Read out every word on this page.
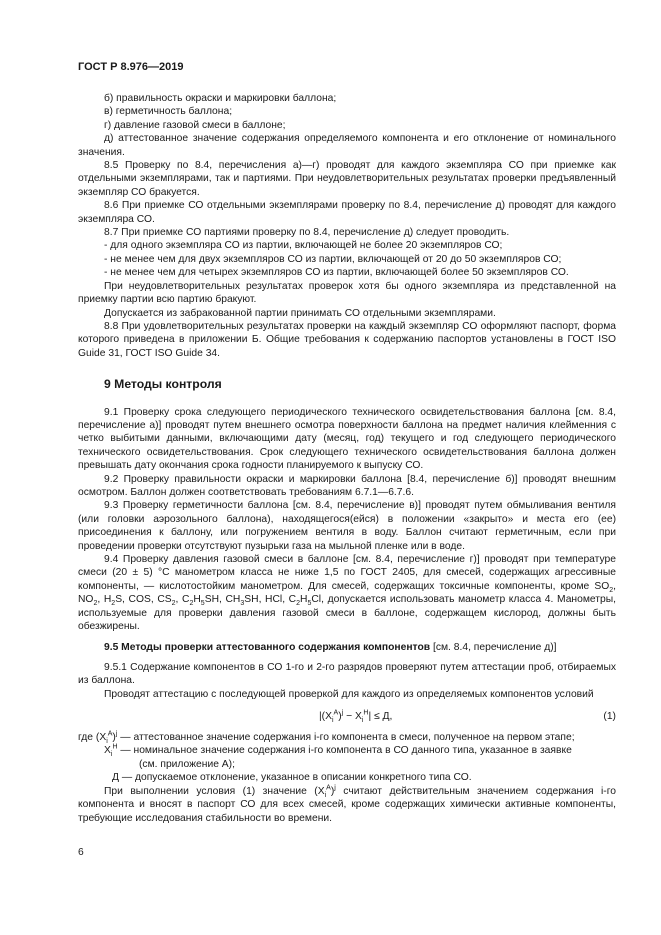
ГОСТ Р 8.976—2019

б) правильность окраски и маркировки баллона;

в) герметичность баллона;

г) давление газовой смеси в баллоне;

д) аттестованное значение содержания определяемого компонента и его отклонение от номинального значения.

8.5 Проверку по 8.4, перечисления а)—г) проводят для каждого экземпляра СО при приемке как отдельными экземплярами, так и партиями. При неудовлетворительных результатах проверки предъявленный экземпляр СО бракуется.

8.6 При приемке СО отдельными экземплярами проверку по 8.4, перечисление д) проводят для каждого экземпляра СО.

8.7 При приемке СО партиями проверку по 8.4, перечисление д) следует проводить.

- для одного экземпляра СО из партии, включающей не более 20 экземпляров СО;

- не менее чем для двух экземпляров СО из партии, включающей от 20 до 50 экземпляров СО;

- не менее чем для четырех экземпляров СО из партии, включающей более 50 экземпляров СО.

При неудовлетворительных результатах проверок хотя бы одного экземпляра из представленной на приемку партии всю партию бракуют.

Допускается из забракованной партии принимать СО отдельными экземплярами.

8.8 При удовлетворительных результатах проверки на каждый экземпляр СО оформляют паспорт, форма которого приведена в приложении Б. Общие требования к содержанию паспортов установлены в ГОСТ ISO Guide 31, ГОСТ ISO Guide 34.

9 Методы контроля

9.1 Проверку срока следующего периодического технического освидетельствования баллона [см. 8.4, перечисление а)] проводят путем внешнего осмотра поверхности баллона на предмет наличия клейменния с четко выбитыми данными, включающими дату (месяц, год) текущего и год следующего периодического технического освидетельствования. Срок следующего технического освидетельствования баллона должен превышать дату окончания срока годности планируемого к выпуску СО.

9.2 Проверку правильности окраски и маркировки баллона [8.4, перечисление б)] проводят внешним осмотром. Баллон должен соответствовать требованиям 6.7.1—6.7.6.

9.3 Проверку герметичности баллона [см. 8.4, перечисление в)] проводят путем обмыливания вентиля (или головки аэрозольного баллона), находящегося(ейся) в положении «закрыто» и места его (ее) присоединения к баллону, или погружением вентиля в воду. Баллон считают герметичным, если при проведении проверки отсутствуют пузырьки газа на мыльной пленке или в воде.

9.4 Проверку давления газовой смеси в баллоне [см. 8.4, перечисление г)] проводят при температуре смеси (20 ± 5) °С манометром класса не ниже 1,5 по ГОСТ 2405, для смесей, содержащих агрессивные компоненты, — кислотостойким манометром. Для смесей, содержащих токсичные компоненты, кроме $SO_2$, $NO_2$, $H_2S$, COS, $CS_2$, $C_2H_5SH$, $CH_3SH$, HCl, $C_2H_5Cl$, допускается использовать манометр класса 4. Манометры, используемые для проверки давления газовой смеси в баллоне, содержащем кислород, должны быть обезжирены.

9.5 Методы проверки аттестованного содержания компонентов [см. 8.4, перечисление д)]

9.5.1 Содержание компонентов в СО 1-го и 2-го разрядов проверяют путем аттестации проб, отбираемых из баллона.

Проводят аттестацию с последующей проверкой для каждого из определяемых компонентов условий

$|(X_i^A)^j - X_i^H| \le Д$,	(1)

где $(X_i^A)^j$ — аттестованное значение содержания i-го компонента в смеси, полученное на первом этапе;

$X_i^H$ — номинальное значение содержания i-го компонента в СО данного типа, указанное в заявке

(см. приложение А);

Д — допускаемое отклонение, указанное в описании конкретного типа СО.

При выполнении условия (1) значение $(X_i^A)^j$ считают действительным значением содержания i-го компонента и вносят в паспорт СО для всех смесей, кроме содержащих химически активные компоненты, требующие исследования стабильности во времени.

6
